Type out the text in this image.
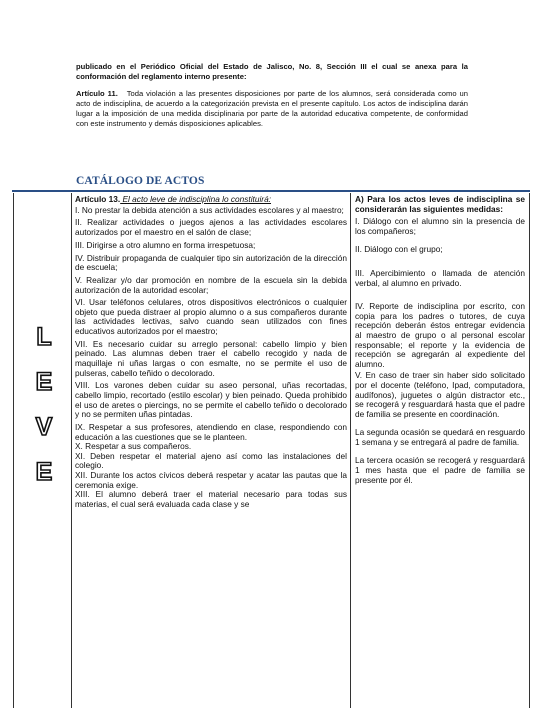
publicado en el Periódico Oficial del Estado de Jalisco, No. 8, Sección III el cual se anexa para la conformación del reglamento interno presente:

Artículo 11. Toda violación a las presentes disposiciones por parte de los alumnos, será considerada como un acto de indisciplina, de acuerdo a la categorización prevista en el presente capítulo. Los actos de indisciplina darán lugar a la imposición de una medida disciplinaria por parte de la autoridad educativa competente, de conformidad con este instrumento y demás disposiciones aplicables.

CATÁLOGO DE ACTOS
L
E
V
E

Artículo 13. El acto leve de indisciplina lo constituirá:

I. No prestar la debida atención a sus actividades escolares y al maestro;

II. Realizar actividades o juegos ajenos a las actividades escolares autorizados por el maestro en el salón de clase;

III. Dirigirse a otro alumno en forma irrespetuosa;

IV. Distribuir propaganda de cualquier tipo sin autorización de la dirección de escuela;

V. Realizar y/o dar promoción en nombre de la escuela sin la debida autorización de la autoridad escolar;

VI. Usar teléfonos celulares, otros dispositivos electrónicos o cualquier objeto que pueda distraer al propio alumno o a sus compañeros durante las actividades lectivas, salvo cuando sean utilizados con fines educativos autorizados por el maestro;

VII. Es necesario cuidar su arreglo personal: cabello limpio y bien peinado. Las alumnas deben traer el cabello recogido y nada de maquillaje ni uñas largas o con esmalte, no se permite el uso de pulseras, cabello teñido o decolorado.

VIII. Los varones deben cuidar su aseo personal, uñas recortadas, cabello limpio, recortado (estilo escolar) y bien peinado. Queda prohibido el uso de aretes o piercings, no se permite el cabello teñido o decolorado y no se permiten uñas pintadas.

IX. Respetar a sus profesores, atendiendo en clase, respondiendo con educación a las cuestiones que se le planteen.

X. Respetar a sus compañeros.

XI. Deben respetar el material ajeno así como las instalaciones del colegio.

XII. Durante los actos cívicos deberá respetar y acatar las pautas que la ceremonia exige.

XIII. El alumno deberá traer el material necesario para todas sus materias, el cual será evaluada cada clase y se

A) Para los actos leves de indisciplina se considerarán las siguientes medidas:

I. Diálogo con el alumno sin la presencia de los compañeros;

II. Diálogo con el grupo;

III. Apercibimiento o llamada de atención verbal, al alumno en privado.

IV. Reporte de indisciplina por escrito, con copia para los padres o tutores, de cuya recepción deberán éstos entregar evidencia al maestro de grupo o al personal escolar responsable; el reporte y la evidencia de recepción se agregarán al expediente del alumno.

V. En caso de traer sin haber sido solicitado por el docente (teléfono, Ipad, computadora, audífonos), juguetes o algún distractor etc., se recogerá y resguardará hasta que el padre de familia se presente en coordinación.

La segunda ocasión se quedará en resguardo 1 semana y se entregará al padre de familia.

La tercera ocasión se recogerá y resguardará 1 mes hasta que el padre de familia se presente por él.
